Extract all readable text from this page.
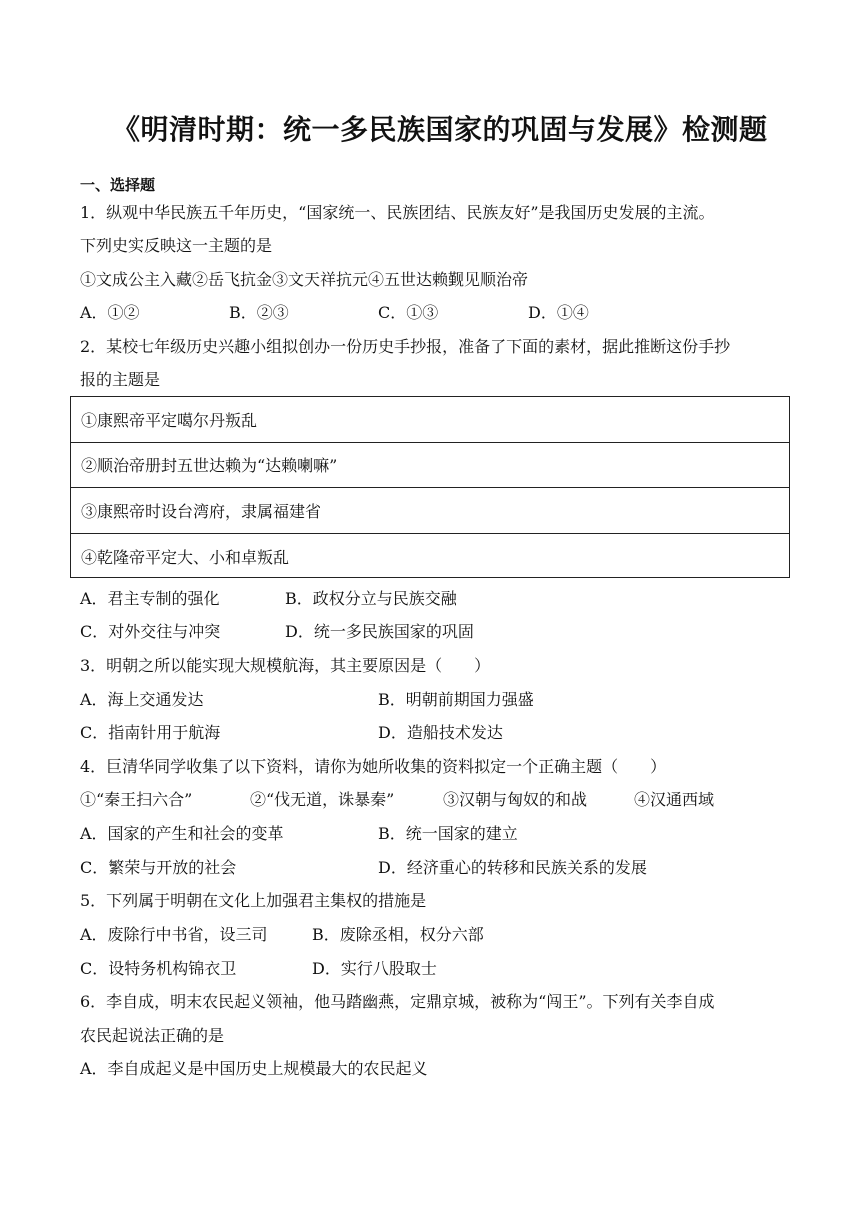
《明清时期：统一多民族国家的巩固与发展》检测题
一、选择题
1．纵观中华民族五千年历史，“国家统一、民族团结、民族友好”是我国历史发展的主流。
下列史实反映这一主题的是
①文成公主入藏②岳飞抗金③文天祥抗元④五世达赖觐见顺治帝
A．①②	B．②③	C．①③	D．①④
2．某校七年级历史兴趣小组拟创办一份历史手抄报，准备了下面的素材，据此推断这份手抄
报的主题是
①康熙帝平定噶尔丹叛乱
②顺治帝册封五世达赖为“达赖喇嘛”
③康熙帝时设台湾府，隶属福建省
④乾隆帝平定大、小和卓叛乱
A．君主专制的强化	B．政权分立与民族交融
C．对外交往与冲突	D．统一多民族国家的巩固
3．明朝之所以能实现大规模航海，其主要原因是（　　）
A．海上交通发达	B．明朝前期国力强盛
C．指南针用于航海	D．造船技术发达
4．巨清华同学收集了以下资料，请你为她所收集的资料拟定一个正确主题（　　）
①“秦王扫六合”	②“伐无道，诛暴秦”	③汉朝与匈奴的和战	④汉通西域
A．国家的产生和社会的变革	B．统一国家的建立
C．繁荣与开放的社会	D．经济重心的转移和民族关系的发展
5．下列属于明朝在文化上加强君主集权的措施是
A．废除行中书省，设三司	B．废除丞相，权分六部
C．设特务机构锦衣卫	D．实行八股取士
6．李自成，明末农民起义领袖，他马踏幽燕，定鼎京城，被称为“闯王”。下列有关李自成
农民起说法正确的是
A．李自成起义是中国历史上规模最大的农民起义
